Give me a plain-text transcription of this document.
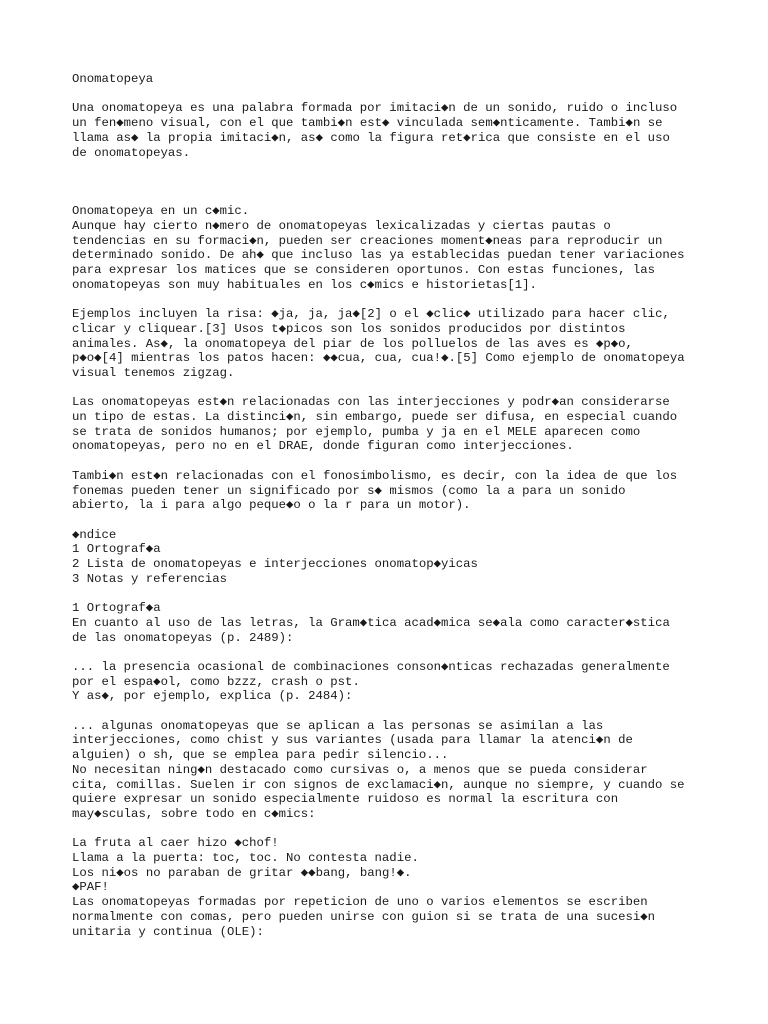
Onomatopeya
Una onomatopeya es una palabra formada por imitaci◆n de un sonido, ruido o incluso
un fen◆meno visual, con el que tambi◆n est◆ vinculada sem◆nticamente. Tambi◆n se
llama as◆ la propia imitaci◆n, as◆ como la figura ret◆rica que consiste en el uso
de onomatopeyas.
Onomatopeya en un c◆mic.
Aunque hay cierto n◆mero de onomatopeyas lexicalizadas y ciertas pautas o
tendencias en su formaci◆n, pueden ser creaciones moment◆neas para reproducir un
determinado sonido. De ah◆ que incluso las ya establecidas puedan tener variaciones
para expresar los matices que se consideren oportunos. Con estas funciones, las
onomatopeyas son muy habituales en los c◆mics e historietas[1].
Ejemplos incluyen la risa: ◆ja, ja, ja◆[2] o el ◆clic◆ utilizado para hacer clic,
clicar y cliquear.[3] Usos t◆picos son los sonidos producidos por distintos
animales. As◆, la onomatopeya del piar de los polluelos de las aves es ◆p◆o,
p◆o◆[4] mientras los patos hacen: ◆◆cua, cua, cua!◆.[5] Como ejemplo de onomatopeya
visual tenemos zigzag.
Las onomatopeyas est◆n relacionadas con las interjecciones y podr◆an considerarse
un tipo de estas. La distinci◆n, sin embargo, puede ser difusa, en especial cuando
se trata de sonidos humanos; por ejemplo, pumba y ja en el MELE aparecen como
onomatopeyas, pero no en el DRAE, donde figuran como interjecciones.
Tambi◆n est◆n relacionadas con el fonosimbolismo, es decir, con la idea de que los
fonemas pueden tener un significado por s◆ mismos (como la a para un sonido
abierto, la i para algo peque◆o o la r para un motor).
◆ndice
1 Ortograf◆a
2 Lista de onomatopeyas e interjecciones onomatop◆yicas
3 Notas y referencias
1 Ortograf◆a
En cuanto al uso de las letras, la Gram◆tica acad◆mica se◆ala como caracter◆stica
de las onomatopeyas (p. 2489):
... la presencia ocasional de combinaciones conson◆nticas rechazadas generalmente
por el espa◆ol, como bzzz, crash o pst.
Y as◆, por ejemplo, explica (p. 2484):
... algunas onomatopeyas que se aplican a las personas se asimilan a las
interjecciones, como chist y sus variantes (usada para llamar la atenci◆n de
alguien) o sh, que se emplea para pedir silencio...
No necesitan ning◆n destacado como cursivas o, a menos que se pueda considerar
cita, comillas. Suelen ir con signos de exclamaci◆n, aunque no siempre, y cuando se
quiere expresar un sonido especialmente ruidoso es normal la escritura con
may◆sculas, sobre todo en c◆mics:
La fruta al caer hizo ◆chof!
Llama a la puerta: toc, toc. No contesta nadie.
Los ni◆os no paraban de gritar ◆◆bang, bang!◆.
◆PAF!
Las onomatopeyas formadas por repeticion de uno o varios elementos se escriben
normalmente con comas, pero pueden unirse con guion si se trata de una sucesi◆n
unitaria y continua (OLE):
